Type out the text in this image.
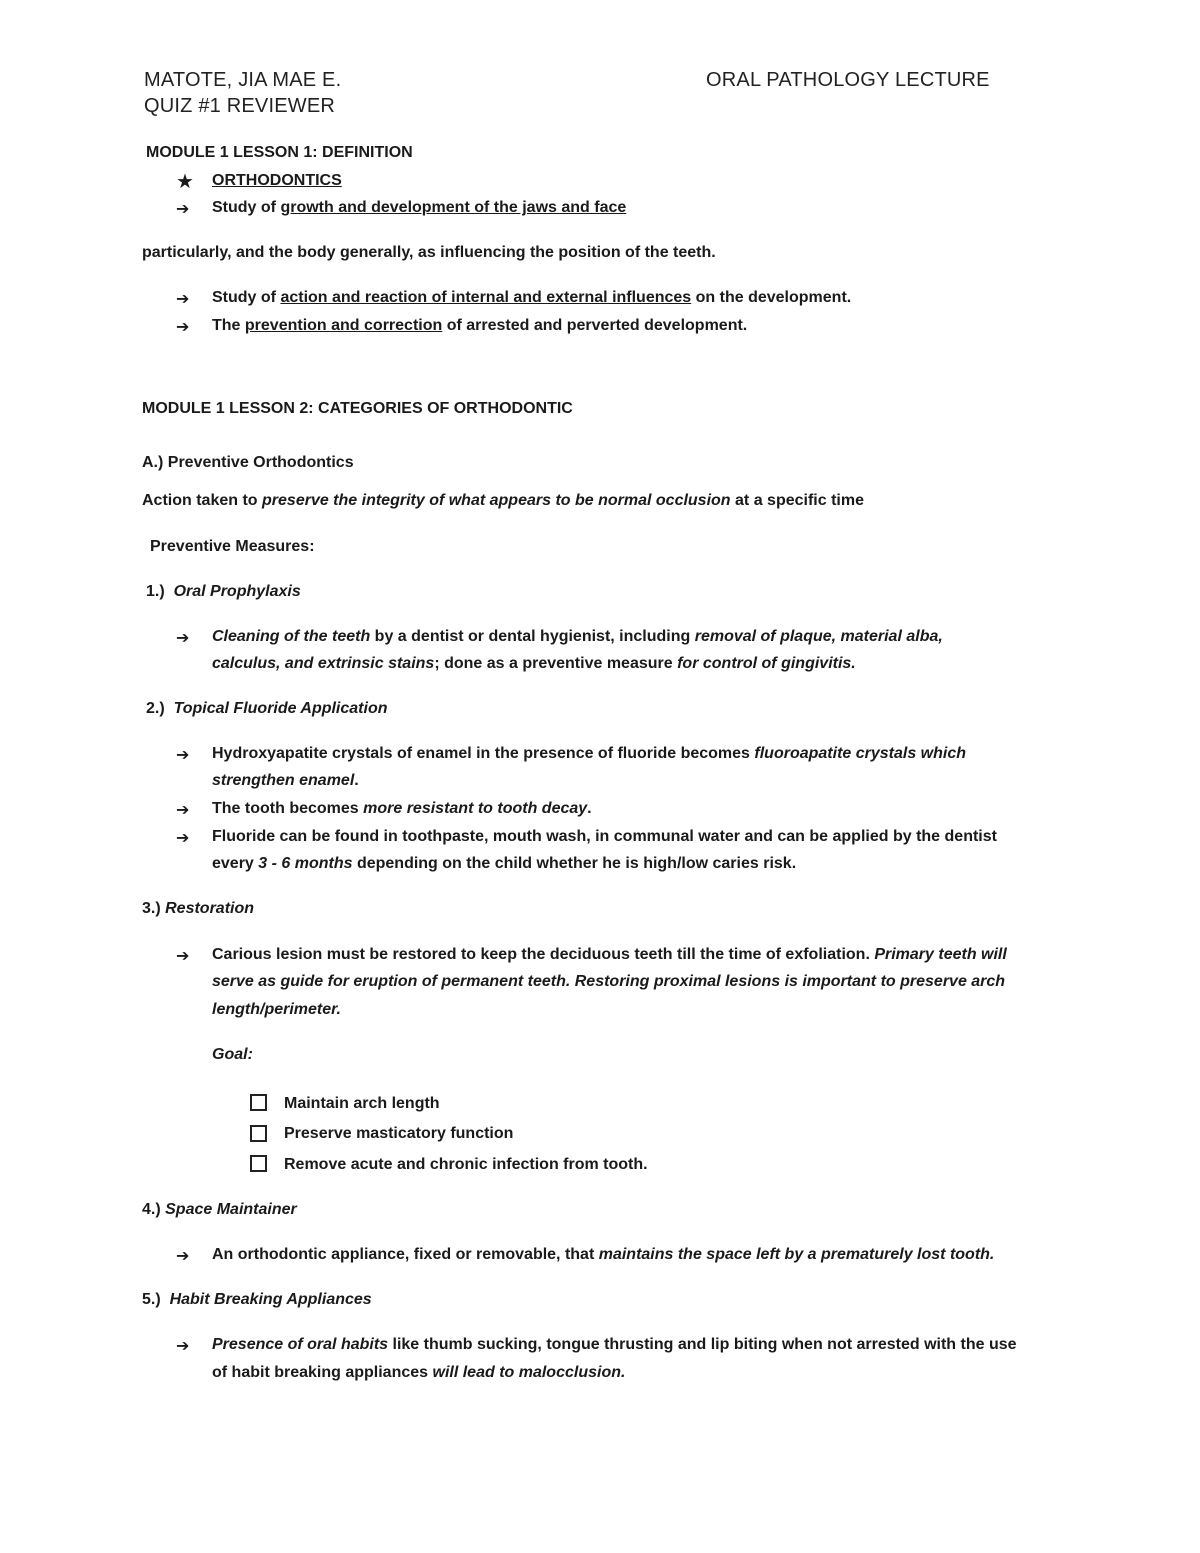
MATOTE, JIA MAE E.	ORAL PATHOLOGY LECTURE
QUIZ #1 REVIEWER
MODULE 1 LESSON 1: DEFINITION
★ ORTHODONTICS
➔ Study of growth and development of the jaws and face
particularly, and the body generally, as influencing the position of the teeth.
➔ Study of action and reaction of internal and external influences on the development.
➔ The prevention and correction of arrested and perverted development.
MODULE 1 LESSON 2: CATEGORIES OF ORTHODONTIC
A.) Preventive Orthodontics
Action taken to preserve the integrity of what appears to be normal occlusion at a specific time
Preventive Measures:
1.) Oral Prophylaxis
➔ Cleaning of the teeth by a dentist or dental hygienist, including removal of plaque, material alba,
calculus, and extrinsic stains; done as a preventive measure for control of gingivitis.
2.) Topical Fluoride Application
➔ Hydroxyapatite crystals of enamel in the presence of fluoride becomes fluoroapatite crystals which
strengthen enamel.
➔ The tooth becomes more resistant to tooth decay.
➔ Fluoride can be found in toothpaste, mouth wash, in communal water and can be applied by the dentist
every 3 - 6 months depending on the child whether he is high/low caries risk.
3.) Restoration
➔ Carious lesion must be restored to keep the deciduous teeth till the time of exfoliation. Primary teeth will
serve as guide for eruption of permanent teeth. Restoring proximal lesions is important to preserve arch
length/perimeter.
Goal:
Maintain arch length
Preserve masticatory function
Remove acute and chronic infection from tooth.
4.) Space Maintainer
➔ An orthodontic appliance, fixed or removable, that maintains the space left by a prematurely lost tooth.
5.) Habit Breaking Appliances
➔ Presence of oral habits like thumb sucking, tongue thrusting and lip biting when not arrested with the use
of habit breaking appliances will lead to malocclusion.
